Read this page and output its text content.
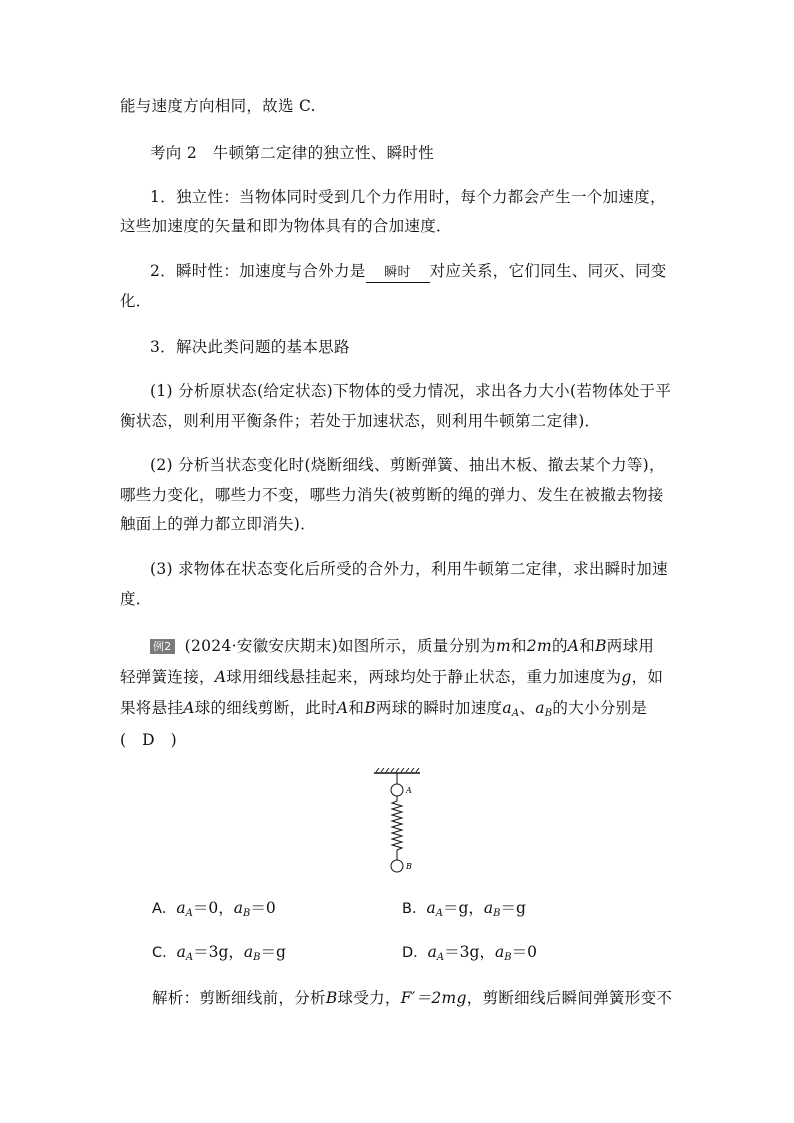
能与速度方向相同，故选 C.
考向 2　牛顿第二定律的独立性、瞬时性
1．独立性：当物体同时受到几个力作用时，每个力都会产生一个加速度，
这些加速度的矢量和即为物体具有的合加速度．
2．瞬时性：加速度与合外力是 瞬时 对应关系，它们同生、同灭、同变
化．
3．解决此类问题的基本思路
(1) 分析原状态(给定状态)下物体的受力情况，求出各力大小(若物体处于平
衡状态，则利用平衡条件；若处于加速状态，则利用牛顿第二定律)．
(2) 分析当状态变化时(烧断细线、剪断弹簧、抽出木板、撤去某个力等)，
哪些力变化，哪些力不变，哪些力消失(被剪断的绳的弹力、发生在被撤去物接
触面上的弹力都立即消失)．
(3) 求物体在状态变化后所受的合外力，利用牛顿第二定律，求出瞬时加速
度．
例2 (2024·安徽安庆期末)如图所示，质量分别为m和2m的A和B两球用
轻弹簧连接，A球用细线悬挂起来，两球均处于静止状态，重力加速度为g，如
果将悬挂A球的细线剪断，此时A和B两球的瞬时加速度$a_A$、$a_B$的大小分别是
(　D　)
A
B
A．$a_A=0$，$a_B=0$	B．$a_A=g$，$a_B=g$
C．$a_A=3g$，$a_B=g$	D．$a_A=3g$，$a_B=0$
解析：剪断细线前，分析B球受力，F′＝2mg，剪断细线后瞬间弹簧形变不
